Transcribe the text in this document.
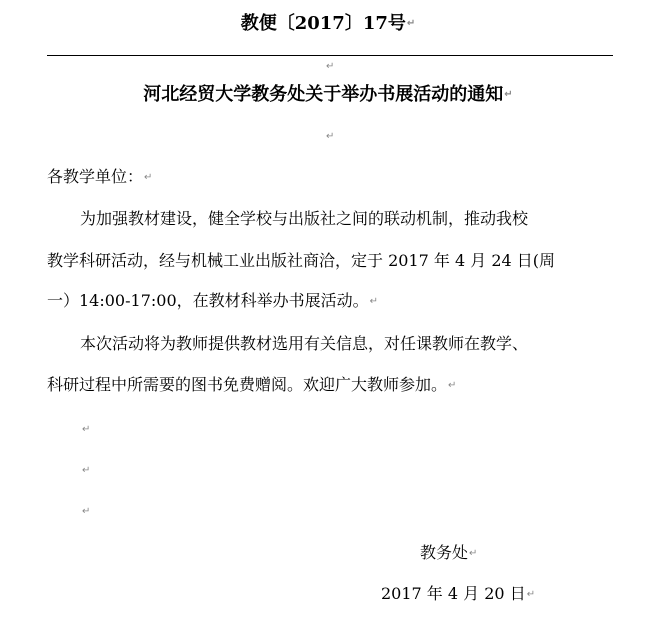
教便〔2017〕17号↵
↵
河北经贸大学教务处关于举办书展活动的通知↵
↵
各教学单位：↵
为加强教材建设，健全学校与出版社之间的联动机制，推动我校
教学科研活动，经与机械工业出版社商洽，定于 2017 年 4 月 24 日(周
一）14:00-17:00，在教材科举办书展活动。↵
本次活动将为教师提供教材选用有关信息，对任课教师在教学、
科研过程中所需要的图书免费赠阅。欢迎广大教师参加。↵
↵
↵
↵
教务处↵
2017 年 4 月 20 日↵
